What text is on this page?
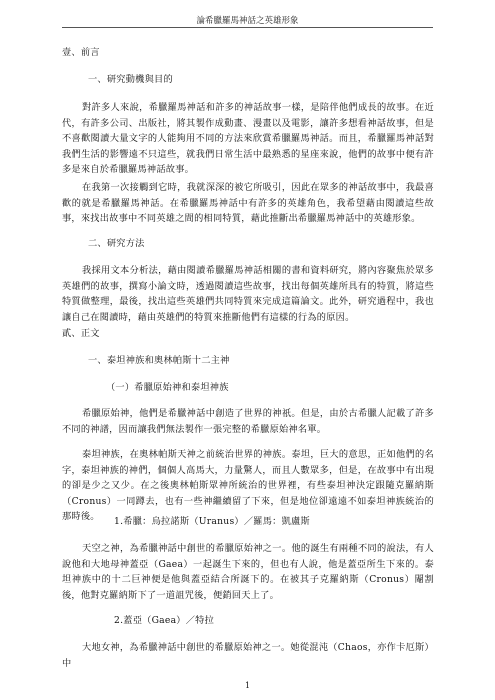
論希臘羅馬神話之英雄形象

壹、前言

一、研究動機與目的

對許多人來說，希臘羅馬神話和許多的神話故事一樣，是陪伴他們成長的故事。在近代，有許多公司、出版社，將其製作成動畫、漫畫以及電影，讓許多想看神話故事，但是不喜歡閱讀大量文字的人能夠用不同的方法來欣賞希臘羅馬神話。而且，希臘羅馬神話對我們生活的影響遠不只這些，就我們日常生活中最熟悉的星座來說，他們的故事中便有許多是來自於希臘羅馬神話故事。

在我第一次接觸到它時，我就深深的被它所吸引，因此在眾多的神話故事中，我最喜歡的就是希臘羅馬神話。在希臘羅馬神話中有許多的英雄角色，我希望藉由閱讀這些故事，來找出故事中不同英雄之間的相同特質，藉此推斷出希臘羅馬神話中的英雄形象。

二、研究方法

我採用文本分析法，藉由閱讀希臘羅馬神話相關的書和資料研究，將內容聚焦於眾多英雄們的故事，撰寫小論文時，透過閱讀這些故事，找出每個英雄所具有的特質，將這些特質做整理，最後，找出這些英雄們共同特質來完成這篇論文。此外，研究過程中，我也讓自己在閱讀時，藉由英雄們的特質來推斷他們有這樣的行為的原因。

貳、正文

一、泰坦神族和奧林帕斯十二主神

（一）希臘原始神和泰坦神族

希臘原始神，他們是希臘神話中創造了世界的神祇。但是，由於古希臘人記載了許多不同的神譜，因而讓我們無法製作一張完整的希臘原始神名單。

泰坦神族，在奧林帕斯天神之前統治世界的神族。泰坦，巨大的意思，正如他們的名字，泰坦神族的神們，個個人高馬大，力量驚人，而且人數眾多，但是，在故事中有出現的卻是少之又少。在之後奧林帕斯眾神所統治的世界裡，有些泰坦神決定跟隨克羅納斯（Cronus）一同蹲去，也有一些神繼續留了下來，但是地位卻遠遠不如泰坦神族統治的那時後。	1.希臘：烏拉諾斯（Uranus）／羅馬：凱盧斯

天空之神，為希臘神話中創世的希臘原始神之一。他的誕生有兩種不同的說法，有人說他和大地母神蓋亞（Gaea）一起誕生下來的，但也有人說，他是蓋亞所生下來的。泰坦神族中的十二巨神便是他與蓋亞結合所誕下的。在被其子克羅納斯（Cronus）閹割後，他對克羅納斯下了一道詛咒後，便銷回天上了。

2.蓋亞（Gaea）／特拉

大地女神，為希臘神話中創世的希臘原始神之一。她從混沌（Chaos，亦作卡厄斯）中

1
